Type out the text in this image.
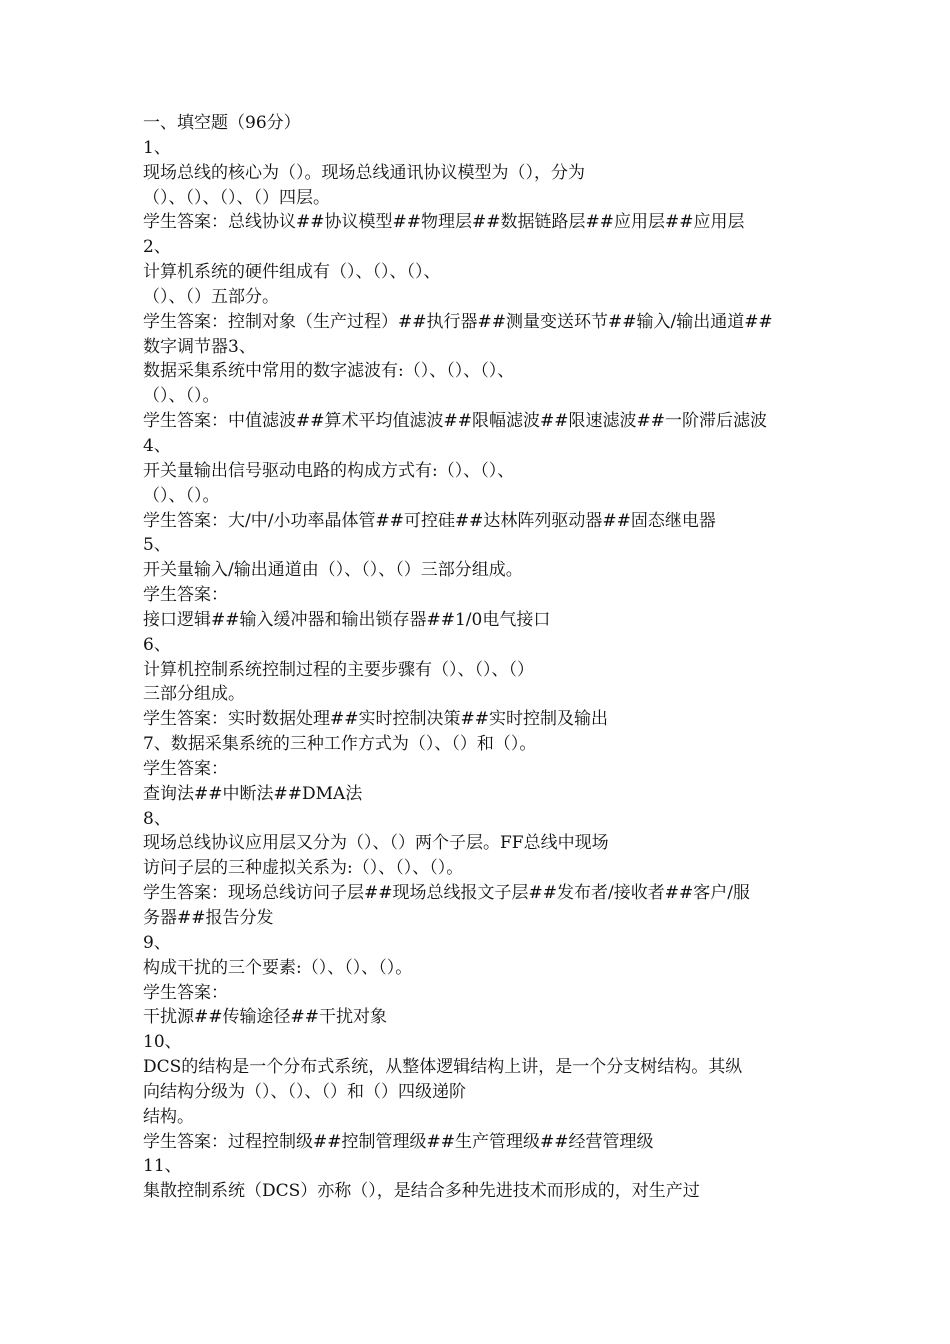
一、填空题（96分）
1、
现场总线的核心为（）。现场总线通讯协议模型为（），分为
（）、（）、（）、（）四层。
学生答案：总线协议##协议模型##物理层##数据链路层##应用层##应用层
2、
计算机系统的硬件组成有（）、（）、（）、
（）、（）五部分。
学生答案：控制对象（生产过程）##执行器##测量变送环节##输入/输出通道##
数字调节器3、
数据采集系统中常用的数字滤波有:（）、（）、（）、
（）、（）。
学生答案：中值滤波##算术平均值滤波##限幅滤波##限速滤波##一阶滞后滤波
4、
开关量输出信号驱动电路的构成方式有:（）、（）、
（）、（）。
学生答案：大/中/小功率晶体管##可控硅##达林阵列驱动器##固态继电器
5、
开关量输入/输出通道由（）、（）、（）三部分组成。
学生答案：
接口逻辑##输入缓冲器和输出锁存器##1/0电气接口
6、
计算机控制系统控制过程的主要步骤有（）、（）、（）
三部分组成。
学生答案：实时数据处理##实时控制决策##实时控制及输出
7、数据采集系统的三种工作方式为（）、（）和（）。
学生答案：
查询法##中断法##DMA法
8、
现场总线协议应用层又分为（）、（）两个子层。FF总线中现场
访问子层的三种虚拟关系为:（）、（）、（）。
学生答案：现场总线访问子层##现场总线报文子层##发布者/接收者##客户/服
务器##报告分发
9、
构成干扰的三个要素:（）、（）、（）。
学生答案：
干扰源##传输途径##干扰对象
10、
DCS的结构是一个分布式系统，从整体逻辑结构上讲，是一个分支树结构。其纵
向结构分级为（）、（）、（）和（）四级递阶
结构。
学生答案：过程控制级##控制管理级##生产管理级##经营管理级
11、
集散控制系统（DCS）亦称（），是结合多种先进技术而形成的，对生产过
